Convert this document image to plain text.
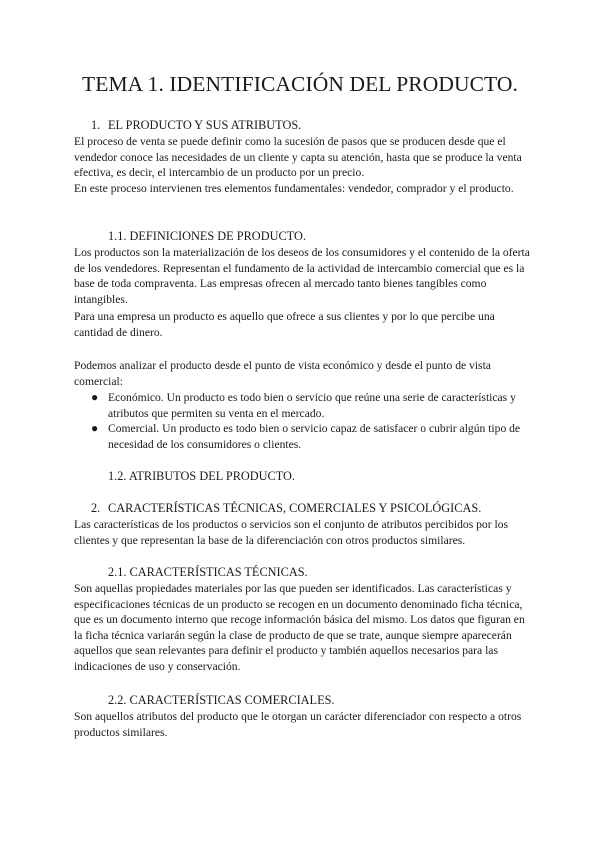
TEMA 1. IDENTIFICACIÓN DEL PRODUCTO.
1. EL PRODUCTO Y SUS ATRIBUTOS.

El proceso de venta se puede definir como la sucesión de pasos que se producen desde que el vendedor conoce las necesidades de un cliente y capta su atención, hasta que se produce la venta efectiva, es decir, el intercambio de un producto por un precio.

En este proceso intervienen tres elementos fundamentales: vendedor, comprador y el producto.

1.1. DEFINICIONES DE PRODUCTO.

Los productos son la materialización de los deseos de los consumidores y el contenido de la oferta de los vendedores. Representan el fundamento de la actividad de intercambio comercial que es la base de toda compraventa. Las empresas ofrecen al mercado tanto bienes tangibles como intangibles.

Para una empresa un producto es aquello que ofrece a sus clientes y por lo que percibe una cantidad de dinero.

Podemos analizar el producto desde el punto de vista económico y desde el punto de vista comercial:

● Económico. Un producto es todo bien o servicio que reúne una serie de características y atributos que permiten su venta en el mercado.
● Comercial. Un producto es todo bien o servicio capaz de satisfacer o cubrir algún tipo de necesidad de los consumidores o clientes.
1.2. ATRIBUTOS DEL PRODUCTO.
2. CARACTERÍSTICAS TÉCNICAS, COMERCIALES Y PSICOLÓGICAS.

Las características de los productos o servicios son el conjunto de atributos percibidos por los clientes y que representan la base de la diferenciación con otros productos similares.

2.1. CARACTERÍSTICAS TÉCNICAS.

Son aquellas propiedades materiales por las que pueden ser identificados. Las características y especificaciones técnicas de un producto se recogen en un documento denominado ficha técnica, que es un documento interno que recoge información básica del mismo. Los datos que figuran en la ficha técnica variarán según la clase de producto de que se trate, aunque siempre aparecerán aquellos que sean relevantes para definir el producto y también aquellos necesarios para las indicaciones de uso y conservación.

2.2. CARACTERÍSTICAS COMERCIALES.

Son aquellos atributos del producto que le otorgan un carácter diferenciador con respecto a otros productos similares.
